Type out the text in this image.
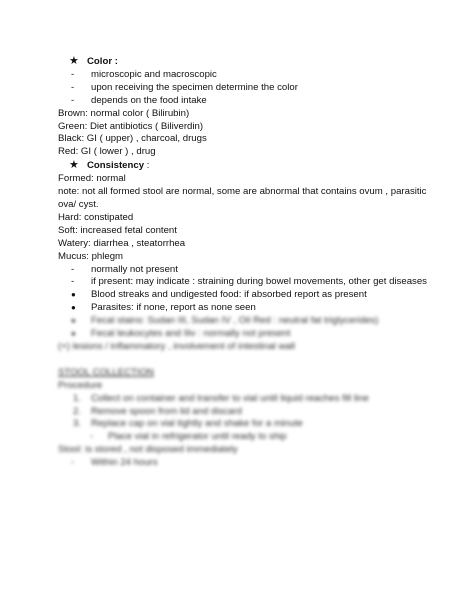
★ Color :
- microscopic and macroscopic
- upon receiving the specimen determine the color
- depends on the food intake
Brown: normal color ( Bilirubin)
Green: Diet antibiotics ( Biliverdin)
Black: GI ( upper) , charcoal, drugs
Red: GI ( lower ) , drug
★ Consistency :
Formed: normal
note: not all formed stool are normal, some are abnormal that contains ovum , parasitic ova/ cyst.
Hard: constipated
Soft: increased fetal content
Watery: diarrhea , steatorrhea
Mucus: phlegm
- normally not present
- if present: may indicate : straining during bowel movements, other get diseases
● Blood streaks and undigested food: if absorbed report as present
● Parasites: if none, report as none seen
● Fecal stains: Sudan III, Sudan IV , Oil Red : neutral fat triglycerides)
● Fecal leukocytes and Iliv : normally not present
(+) lesions / inflammatory , involvement of intestinal wall
STOOL COLLECTION
Procedure
1. Collect on container and transfer to vial until liquid reaches fill line
2. Remove spoon from lid and discard
3. Replace cap on vial tightly and shake for a minute
- Place vial in refrigerator until ready to ship
Stool: is stored , not disposed immediately
- Within 24 hours
